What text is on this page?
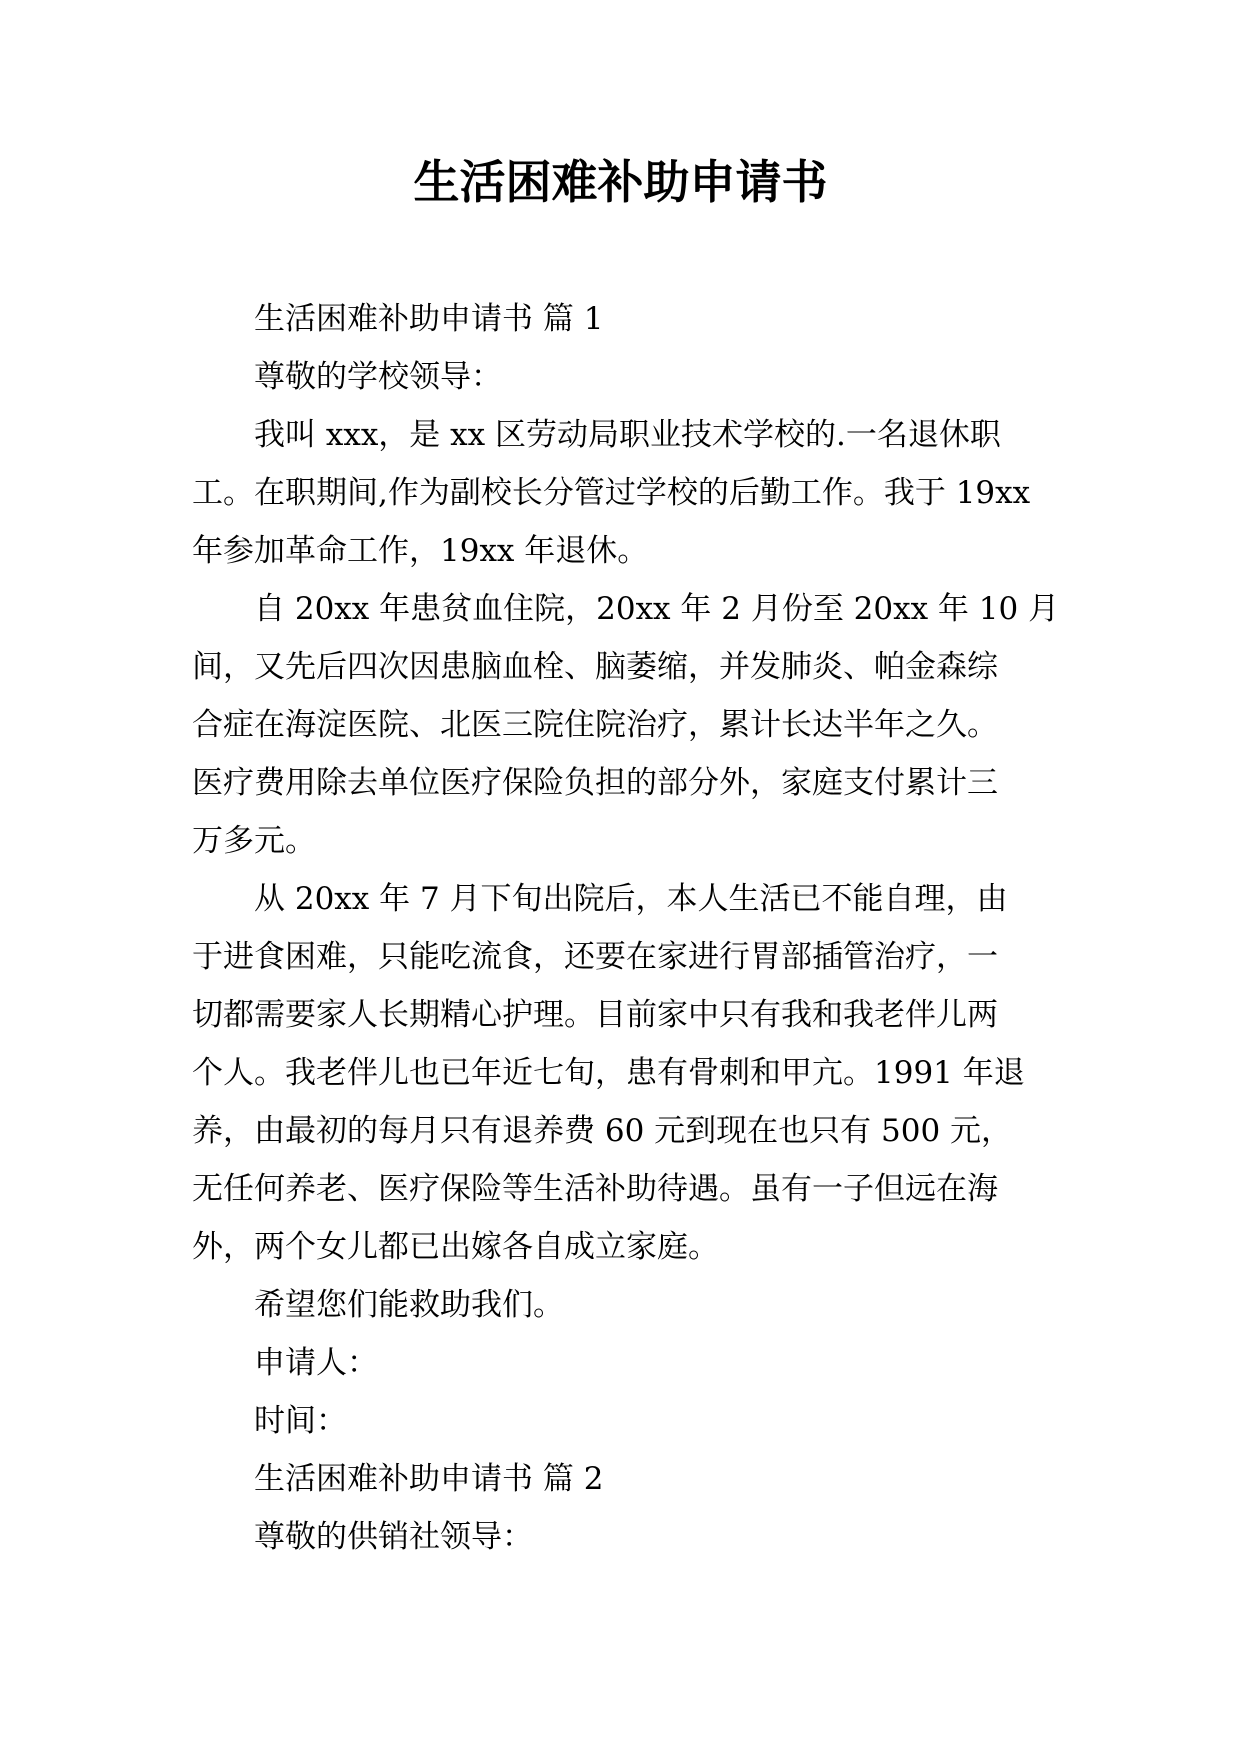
生活困难补助申请书

生活困难补助申请书 篇 1

尊敬的学校领导：

我叫 xxx，是 xx 区劳动局职业技术学校的.一名退休职

工。在职期间,作为副校长分管过学校的后勤工作。我于 19xx

年参加革命工作，19xx 年退休。

自 20xx 年患贫血住院，20xx 年 2 月份至 20xx 年 10 月

间，又先后四次因患脑血栓、脑萎缩，并发肺炎、帕金森综

合症在海淀医院、北医三院住院治疗，累计长达半年之久。

医疗费用除去单位医疗保险负担的部分外，家庭支付累计三

万多元。

从 20xx 年 7 月下旬出院后，本人生活已不能自理，由

于进食困难，只能吃流食，还要在家进行胃部插管治疗，一

切都需要家人长期精心护理。目前家中只有我和我老伴儿两

个人。我老伴儿也已年近七旬，患有骨刺和甲亢。1991 年退

养，由最初的每月只有退养费 60 元到现在也只有 500 元，

无任何养老、医疗保险等生活补助待遇。虽有一子但远在海

外，两个女儿都已出嫁各自成立家庭。

希望您们能救助我们。

申请人：

时间：

生活困难补助申请书 篇 2

尊敬的供销社领导：
